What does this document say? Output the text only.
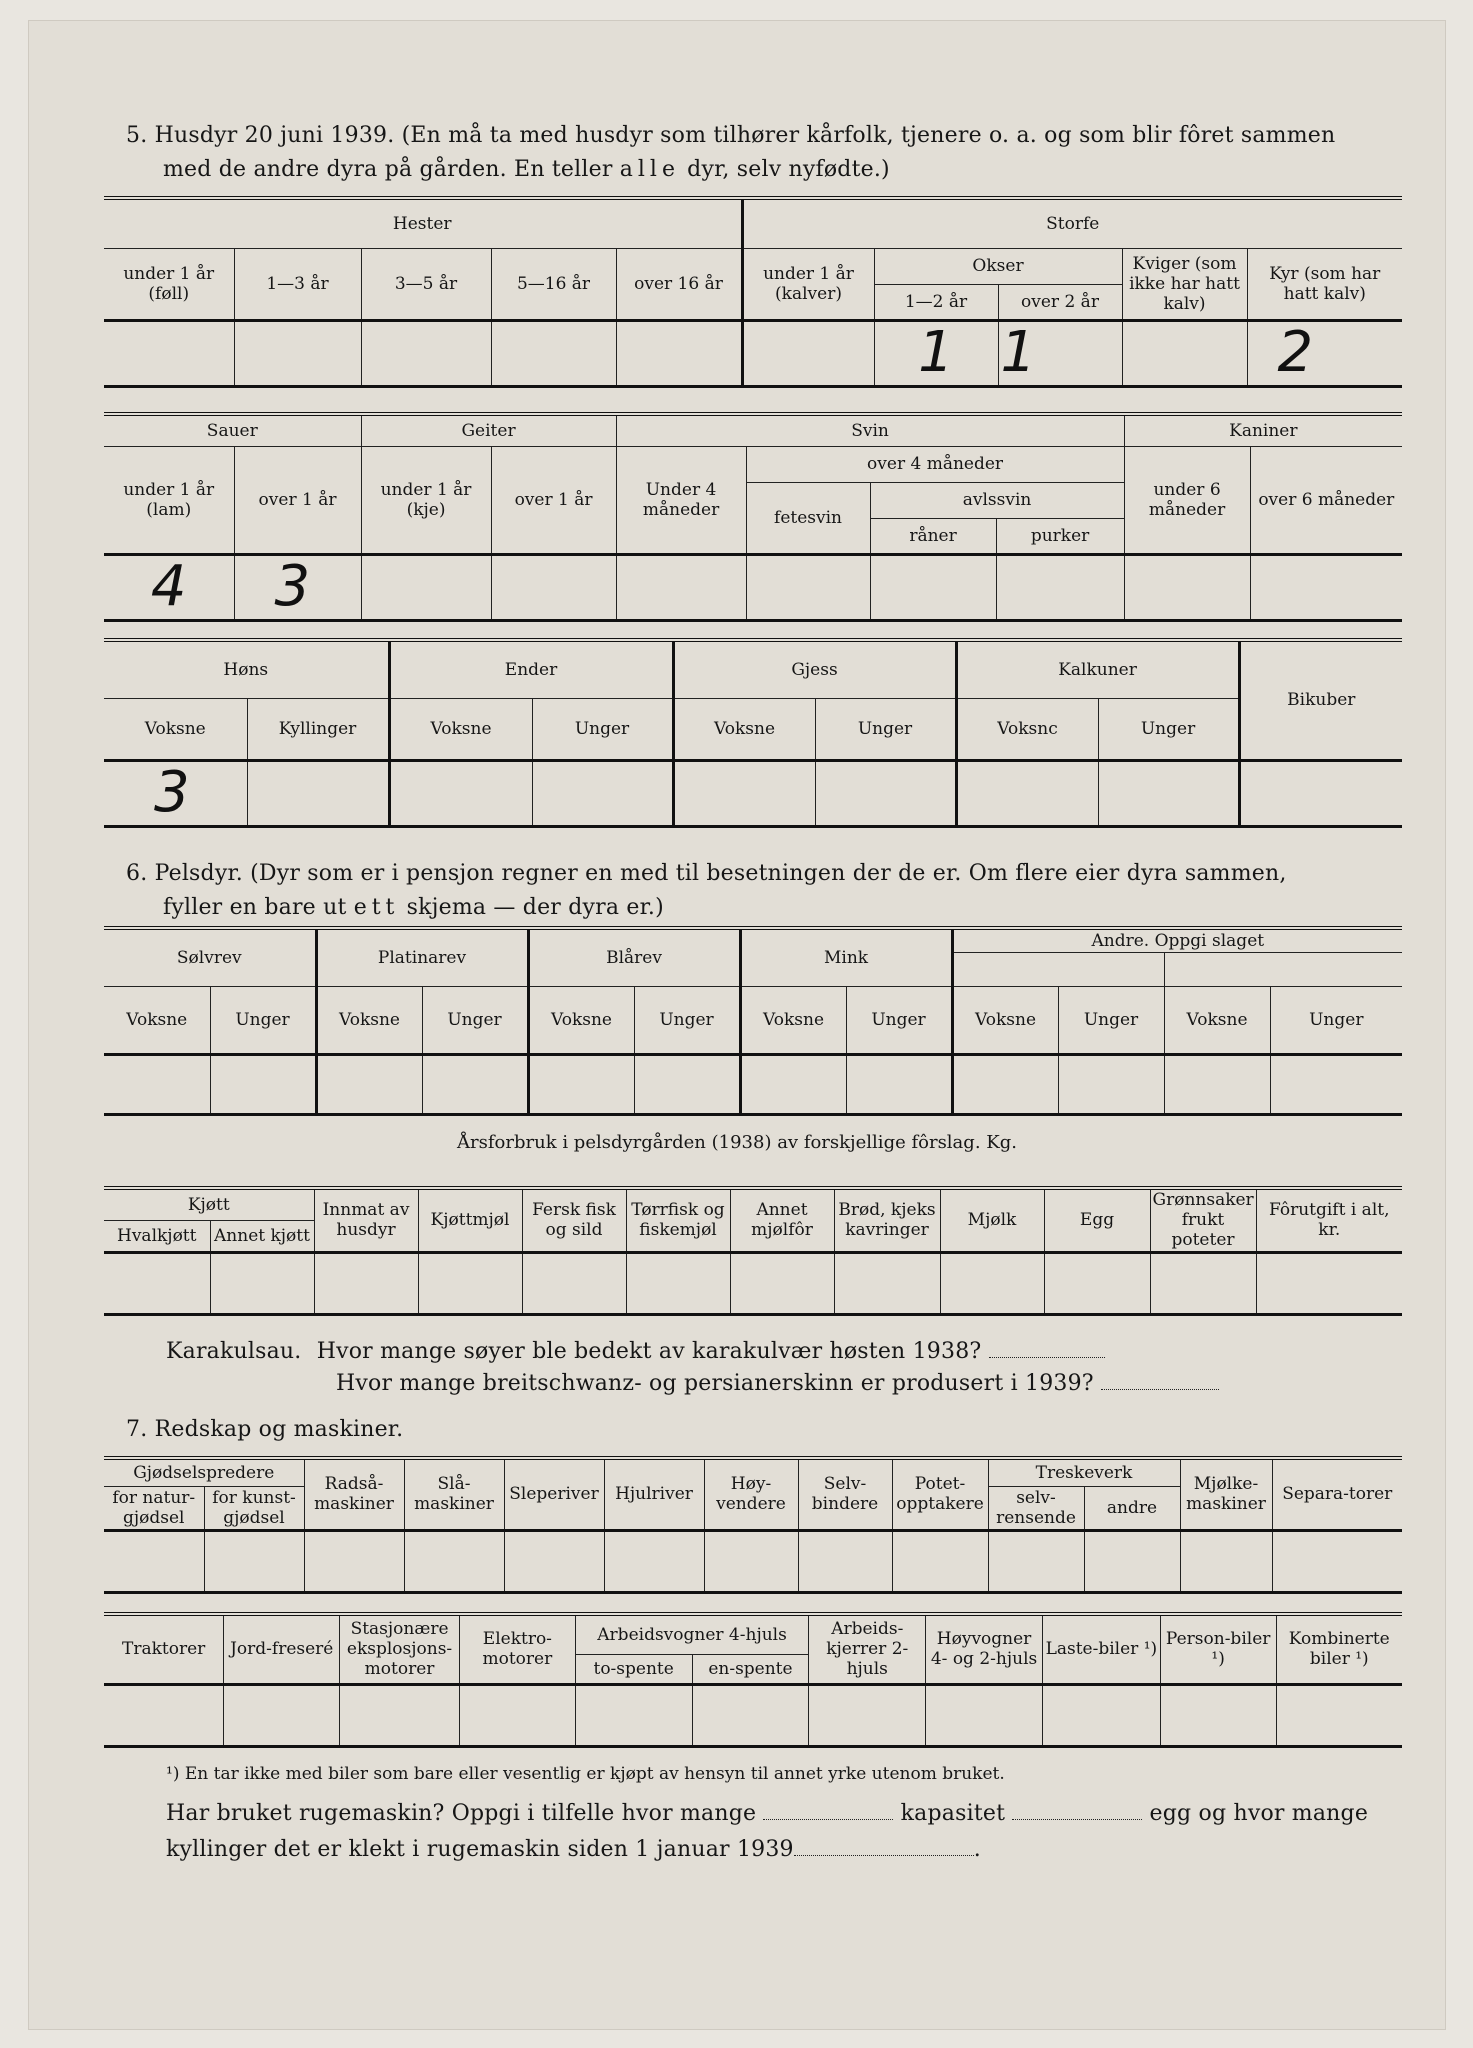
5. Husdyr 20 juni 1939. (En må ta med husdyr som tilhører kårfolk, tjenere o. a. og som blir fôret sammen
med de andre dyra på gården. En teller alle dyr, selv nyfødte.)
Hester					Storfe				
under 1 år (føll)	1—3 år	3—5 år	5—16 år	over 16 år	under 1 år (kalver)	Okser		Kviger (som ikke har hatt kalv)	Kyr (som har hatt kalv)
						1—2 år	over 2 år		
						1	1		2
Sauer		Geiter		Svin				Kaniner	
under 1 år (lam)	over 1 år	under 1 år (kje)	over 1 år	Under 4 måneder	over 4 måneder			under 6 måneder	over 6 måneder
					fetesvin	avlssvin			
						råner	purker		
4	3								
Høns		Ender		Gjess		Kalkuner		Bikuber
Voksne	Kyllinger	Voksne	Unger	Voksne	Unger	Voksnc	Unger	
3								
6. Pelsdyr. (Dyr som er i pensjon regner en med til besetningen der de er. Om flere eier dyra sammen,
fyller en bare ut ett skjema — der dyra er.)
Sølvrev		Platinarev		Blårev		Mink		Andre. Oppgi slaget			

Voksne	Unger	Voksne	Unger	Voksne	Unger	Voksne	Unger	Voksne	Unger	Voksne	Unger

Årsforbruk i pelsdyrgården (1938) av forskjellige fôrslag. Kg.
Kjøtt		Innmat av husdyr	Kjøttmjøl	Fersk fisk og sild	Tørrfisk og fiskemjøl	Annet mjølfôr	Brød, kjeks kavringer	Mjølk	Egg	Grønnsaker frukt poteter	Fôrutgift i alt, kr.
Hvalkjøtt	Annet kjøtt										

Karakulsau. Hvor mange søyer ble bedekt av karakulvær høsten 1938?
Hvor mange breitschwanz- og persianerskinn er produsert i 1939?
7. Redskap og maskiner.
Gjødselspredere		Radså-maskiner	Slå-maskiner	Sleperiver	Hjulriver	Høy-vendere	Selv-bindere	Potet-opptakere	Treskeverk		Mjølke-maskiner	Separa-torer
for natur-gjødsel	for kunst-gjødsel								selv-rensende	andre		

Traktorer	Jord-freseré	Stasjonære eksplosjons-motorer	Elektro-motorer	Arbeidsvogner 4-hjuls		Arbeids-kjerrer 2-hjuls	Høyvogner 4- og 2-hjuls	Laste-biler ¹)	Person-biler ¹)	Kombinerte biler ¹)
				to-spente	en-spente					

¹) En tar ikke med biler som bare eller vesentlig er kjøpt av hensyn til annet yrke utenom bruket.
Har bruket rugemaskin? Oppgi i tilfelle hvor mange	kapasitet	egg og hvor mange
kyllinger det er klekt i rugemaskin siden 1 januar 1939	.
